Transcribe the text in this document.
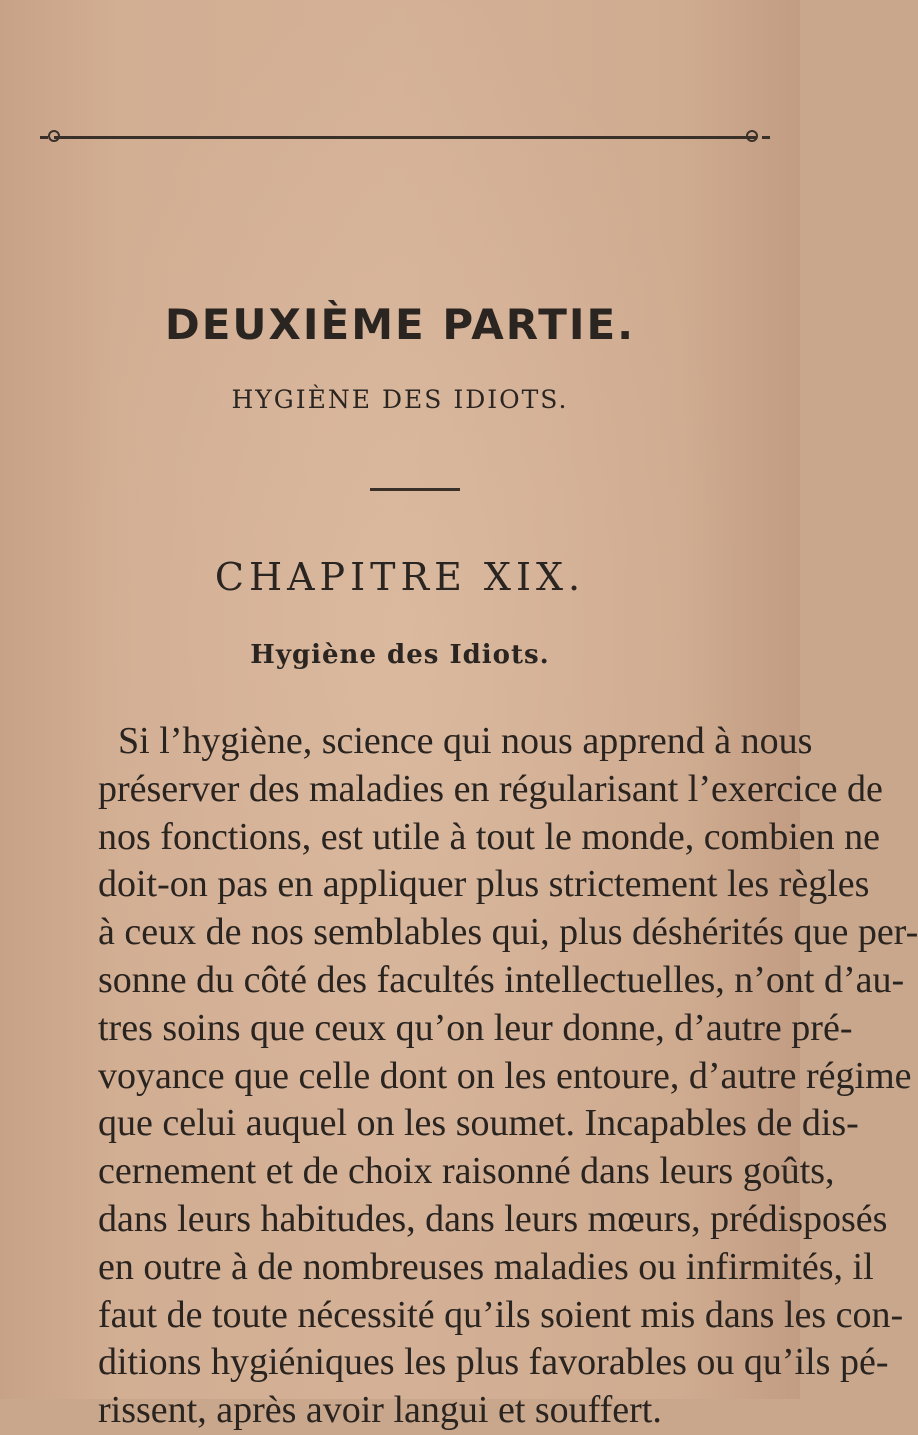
DEUXIÈME PARTIE.
HYGIÈNE DES IDIOTS.
CHAPITRE XIX.
Hygiène des Idiots.
Si l’hygiène, science qui nous apprend à nous
préserver des maladies en régularisant l’exercice de
nos fonctions, est utile à tout le monde, combien ne
doit-on pas en appliquer plus strictement les règles
à ceux de nos semblables qui, plus déshérités que per-
sonne du côté des facultés intellectuelles, n’ont d’au-
tres soins que ceux qu’on leur donne, d’autre pré-
voyance que celle dont on les entoure, d’autre régime
que celui auquel on les soumet. Incapables de dis-
cernement et de choix raisonné dans leurs goûts,
dans leurs habitudes, dans leurs mœurs, prédisposés
en outre à de nombreuses maladies ou infirmités, il
faut de toute nécessité qu’ils soient mis dans les con-
ditions hygiéniques les plus favorables ou qu’ils pé-
rissent, après avoir langui et souffert.
